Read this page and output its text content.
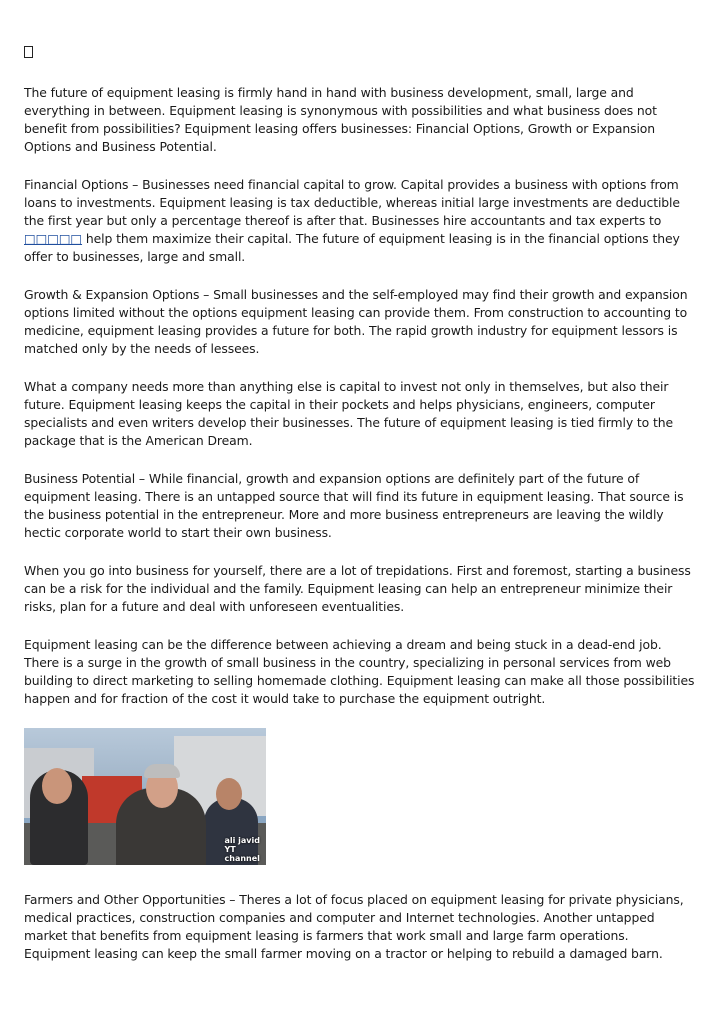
The future of equipment leasing is firmly hand in hand with business development, small, large and everything in between. Equipment leasing is synonymous with possibilities and what business does not benefit from possibilities? Equipment leasing offers businesses: Financial Options, Growth or Expansion Options and Business Potential.

Financial Options – Businesses need financial capital to grow. Capital provides a business with options from loans to investments. Equipment leasing is tax deductible, whereas initial large investments are deductible the first year but only a percentage thereof is after that. Businesses hire accountants and tax experts to □□□□□ help them maximize their capital. The future of equipment leasing is in the financial options they offer to businesses, large and small.

Growth & Expansion Options – Small businesses and the self-employed may find their growth and expansion options limited without the options equipment leasing can provide them. From construction to accounting to medicine, equipment leasing provides a future for both. The rapid growth industry for equipment lessors is matched only by the needs of lessees.

What a company needs more than anything else is capital to invest not only in themselves, but also their future. Equipment leasing keeps the capital in their pockets and helps physicians, engineers, computer specialists and even writers develop their businesses. The future of equipment leasing is tied firmly to the package that is the American Dream.

Business Potential – While financial, growth and expansion options are definitely part of the future of equipment leasing. There is an untapped source that will find its future in equipment leasing. That source is the business potential in the entrepreneur. More and more business entrepreneurs are leaving the wildly hectic corporate world to start their own business.

When you go into business for yourself, there are a lot of trepidations. First and foremost, starting a business can be a risk for the individual and the family. Equipment leasing can help an entrepreneur minimize their risks, plan for a future and deal with unforeseen eventualities.

Equipment leasing can be the difference between achieving a dream and being stuck in a dead-end job. There is a surge in the growth of small business in the country, specializing in personal services from web building to direct marketing to selling homemade clothing. Equipment leasing can make all those possibilities happen and for fraction of the cost it would take to purchase the equipment outright.

ali javid
YT
channel

Farmers and Other Opportunities – Theres a lot of focus placed on equipment leasing for private physicians, medical practices, construction companies and computer and Internet technologies. Another untapped market that benefits from equipment leasing is farmers that work small and large farm operations. Equipment leasing can keep the small farmer moving on a tractor or helping to rebuild a damaged barn.
